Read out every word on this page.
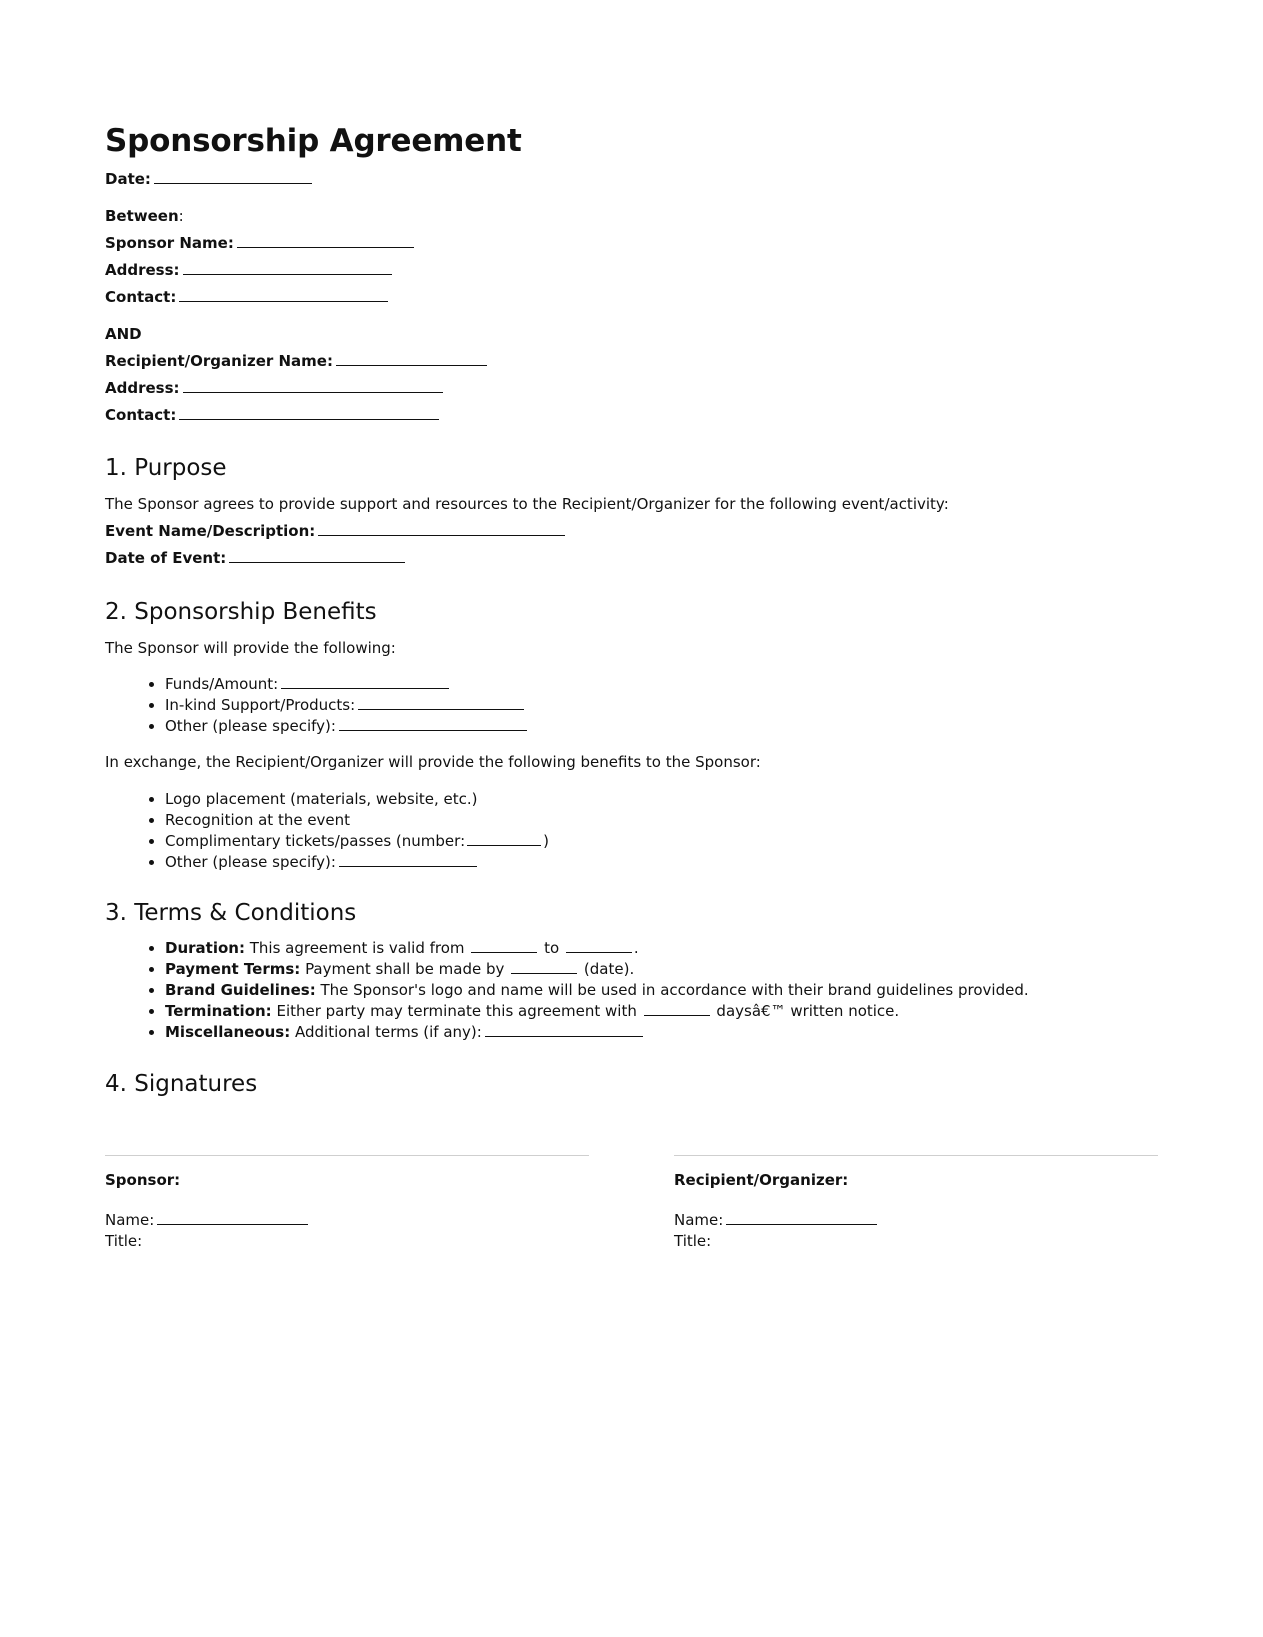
Sponsorship Agreement
Date:
Between:
Sponsor Name:
Address:
Contact:
AND
Recipient/Organizer Name:
Address:
Contact:
1. Purpose
The Sponsor agrees to provide support and resources to the Recipient/Organizer for the following event/activity:
Event Name/Description:
Date of Event:
2. Sponsorship Benefits
The Sponsor will provide the following:
• Funds/Amount:
• In-kind Support/Products:
• Other (please specify):
In exchange, the Recipient/Organizer will provide the following benefits to the Sponsor:
• Logo placement (materials, website, etc.)
• Recognition at the event
• Complimentary tickets/passes (number:	)
• Other (please specify):
3. Terms & Conditions
• Duration: This agreement is valid from	to	.
• Payment Terms: Payment shall be made by	(date).
• Brand Guidelines: The Sponsor's logo and name will be used in accordance with their brand guidelines provided.
• Termination: Either party may terminate this agreement with	daysâ€™ written notice.
• Miscellaneous: Additional terms (if any):
4. Signatures
Sponsor:
Name:
Title:
Recipient/Organizer:
Name:
Title:
